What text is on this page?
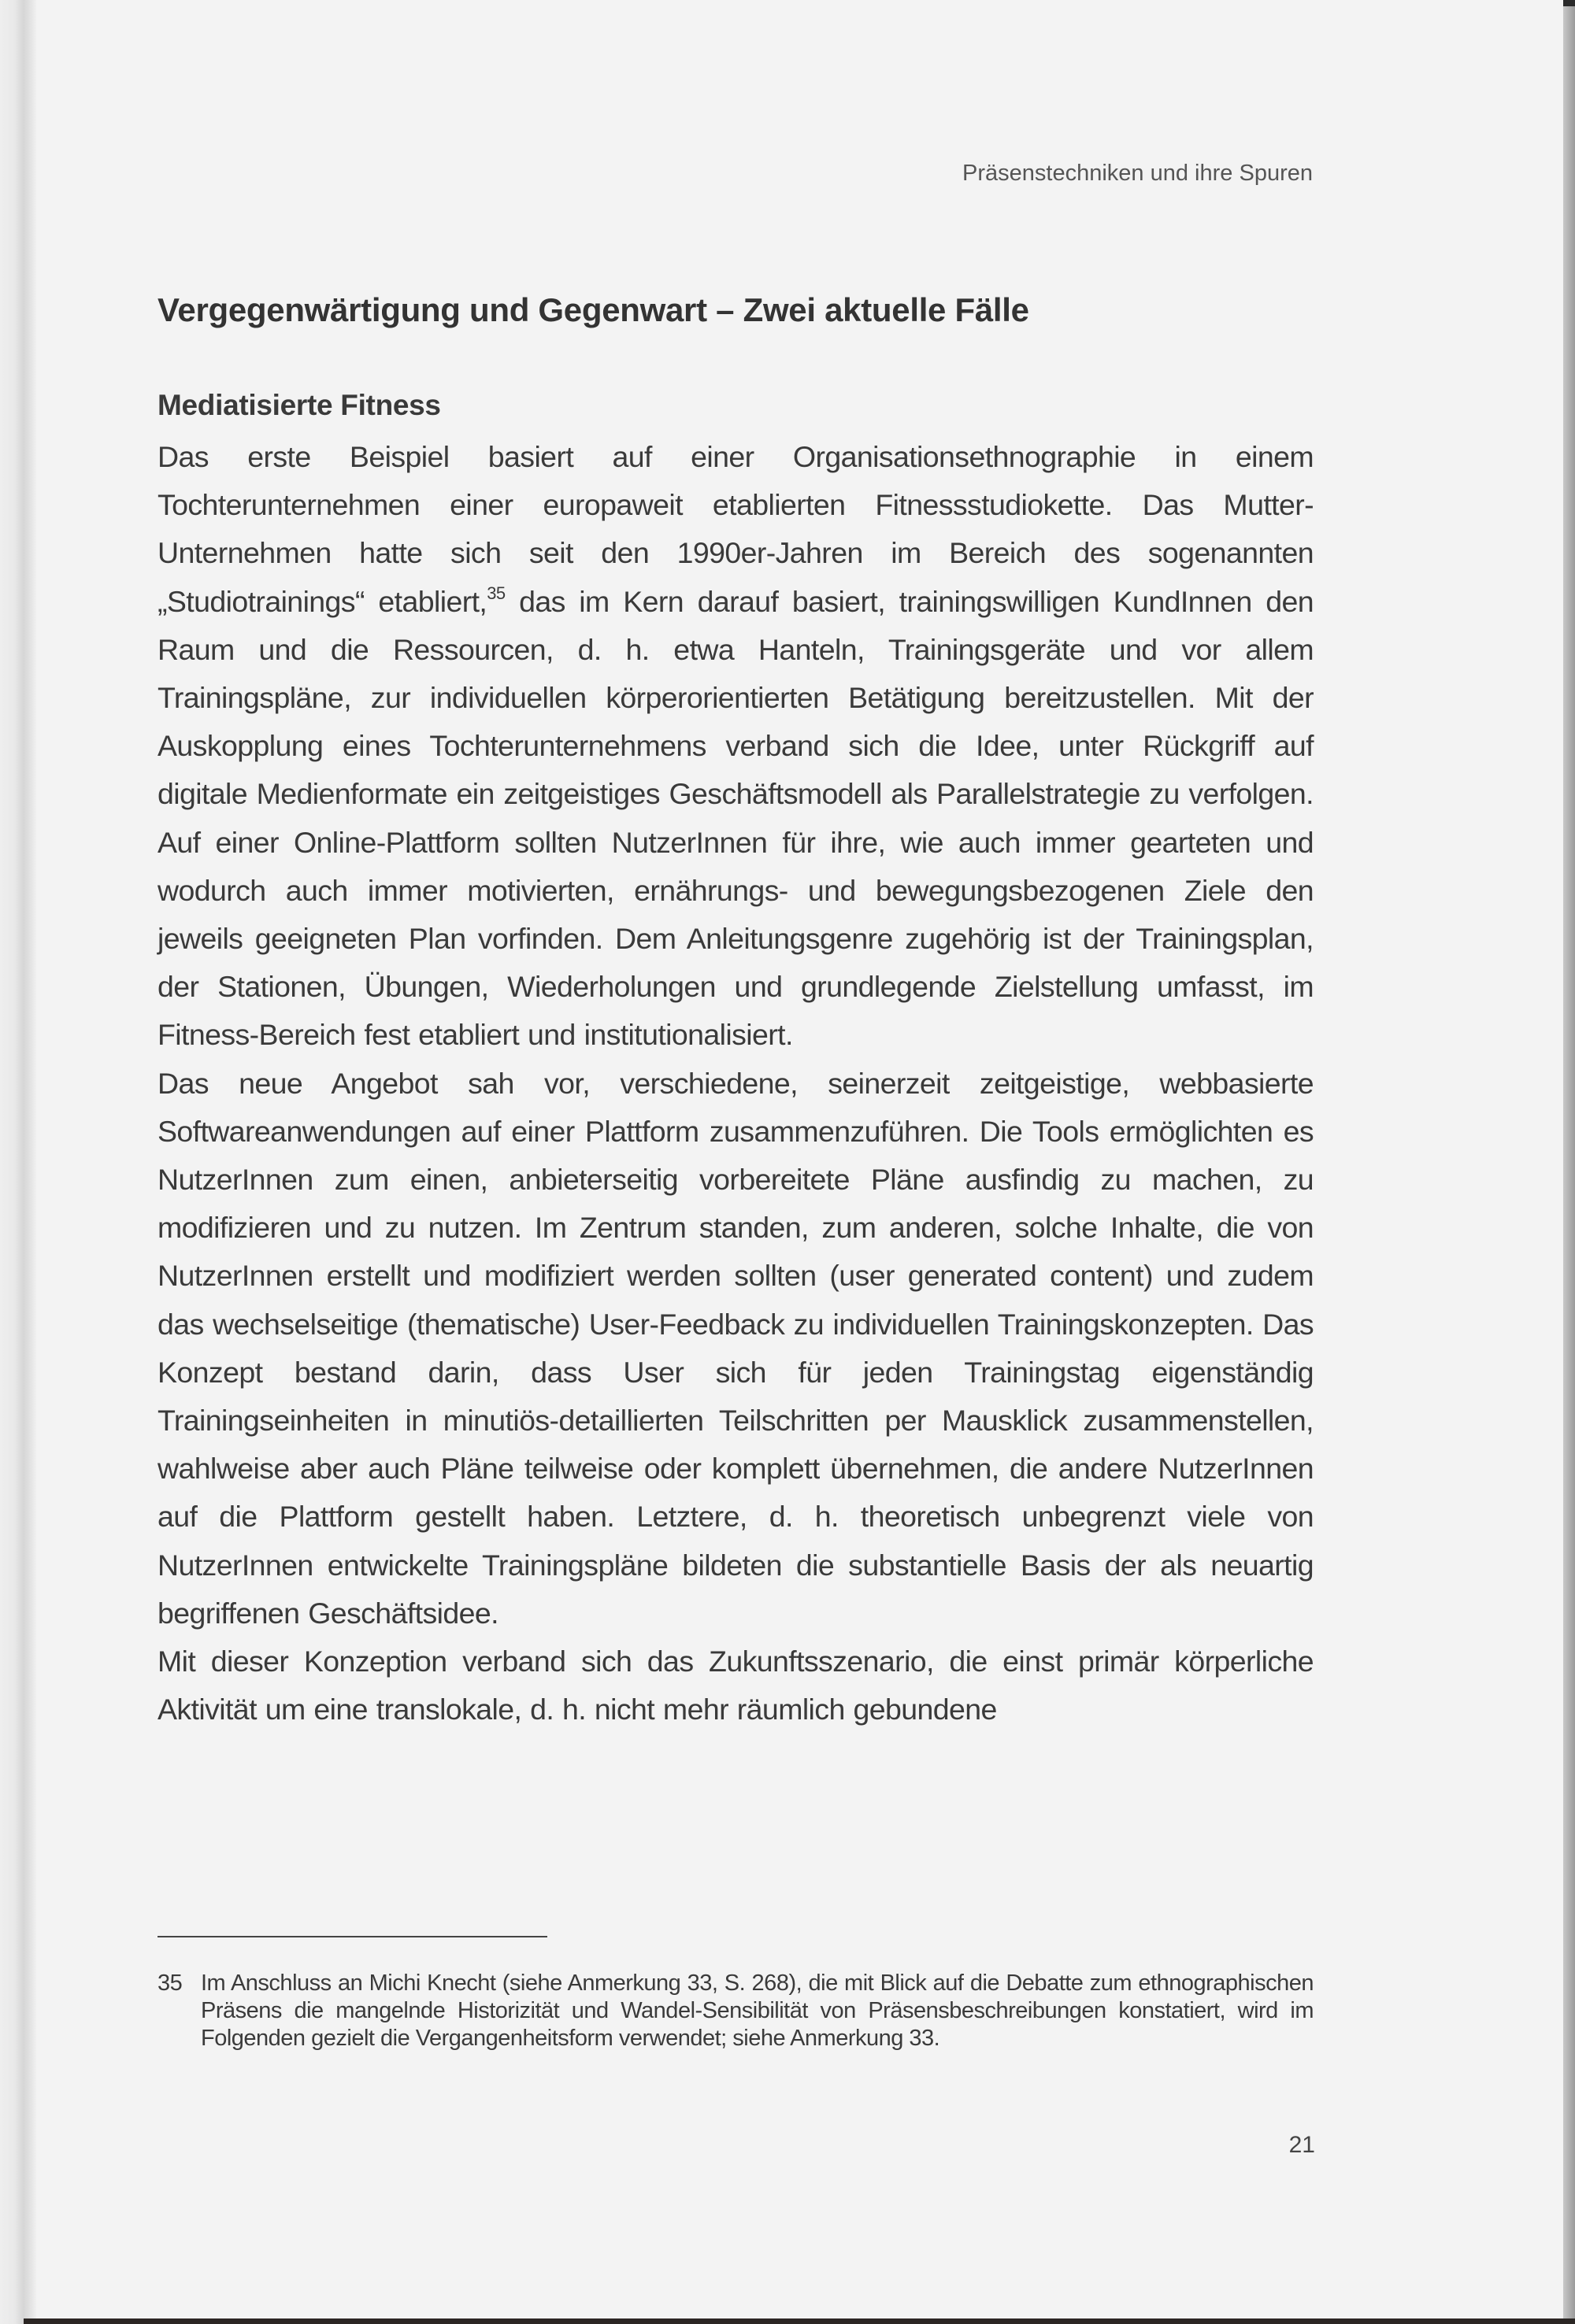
Präsenstechniken und ihre Spuren
Vergegenwärtigung und Gegenwart – Zwei aktuelle Fälle
Mediatisierte Fitness

Das erste Beispiel basiert auf einer Organisationsethnographie in einem Tochterunternehmen einer europaweit etablierten Fitnessstudiokette. Das Mutter-Unternehmen hatte sich seit den 1990er-Jahren im Bereich des sogenannten „Studiotrainings“ etabliert,$^{35}$ das im Kern darauf basiert, trainingswilligen KundInnen den Raum und die Ressourcen, d. h. etwa Hanteln, Trainingsgeräte und vor allem Trainingspläne, zur individuellen körperorientierten Betätigung bereitzustellen. Mit der Auskopplung eines Tochterunternehmens verband sich die Idee, unter Rückgriff auf digitale Medienformate ein zeitgeistiges Geschäftsmodell als Parallelstrategie zu verfolgen. Auf einer Online-Plattform sollten NutzerInnen für ihre, wie auch immer gearteten und wodurch auch immer motivierten, ernährungs- und bewegungsbezogenen Ziele den jeweils geeigneten Plan vorfinden. Dem Anleitungsgenre zugehörig ist der Trainingsplan, der Stationen, Übungen, Wiederholungen und grundlegende Zielstellung umfasst, im Fitness-Bereich fest etabliert und institutionalisiert.

Das neue Angebot sah vor, verschiedene, seinerzeit zeitgeistige, webbasierte Softwareanwendungen auf einer Plattform zusammenzuführen. Die Tools ermöglichten es NutzerInnen zum einen, anbieterseitig vorbereitete Pläne ausfindig zu machen, zu modifizieren und zu nutzen. Im Zentrum standen, zum anderen, solche Inhalte, die von NutzerInnen erstellt und modifiziert werden sollten (user generated content) und zudem das wechselseitige (thematische) User-Feedback zu individuellen Trainingskonzepten. Das Konzept bestand darin, dass User sich für jeden Trainingstag eigenständig Trainingseinheiten in minutiös-detaillierten Teilschritten per Mausklick zusammenstellen, wahlweise aber auch Pläne teilweise oder komplett übernehmen, die andere NutzerInnen auf die Plattform gestellt haben. Letztere, d. h. theoretisch unbegrenzt viele von NutzerInnen entwickelte Trainingspläne bildeten die substantielle Basis der als neuartig begriffenen Geschäftsidee.

Mit dieser Konzeption verband sich das Zukunftsszenario, die einst primär körperliche Aktivität um eine translokale, d. h. nicht mehr räumlich gebundene

35 Im Anschluss an Michi Knecht (siehe Anmerkung 33, S. 268), die mit Blick auf die Debatte zum ethnographischen Präsens die mangelnde Historizität und Wandel-Sensibilität von Präsensbeschreibungen konstatiert, wird im Folgenden gezielt die Vergangenheitsform verwendet; siehe Anmerkung 33.
21
